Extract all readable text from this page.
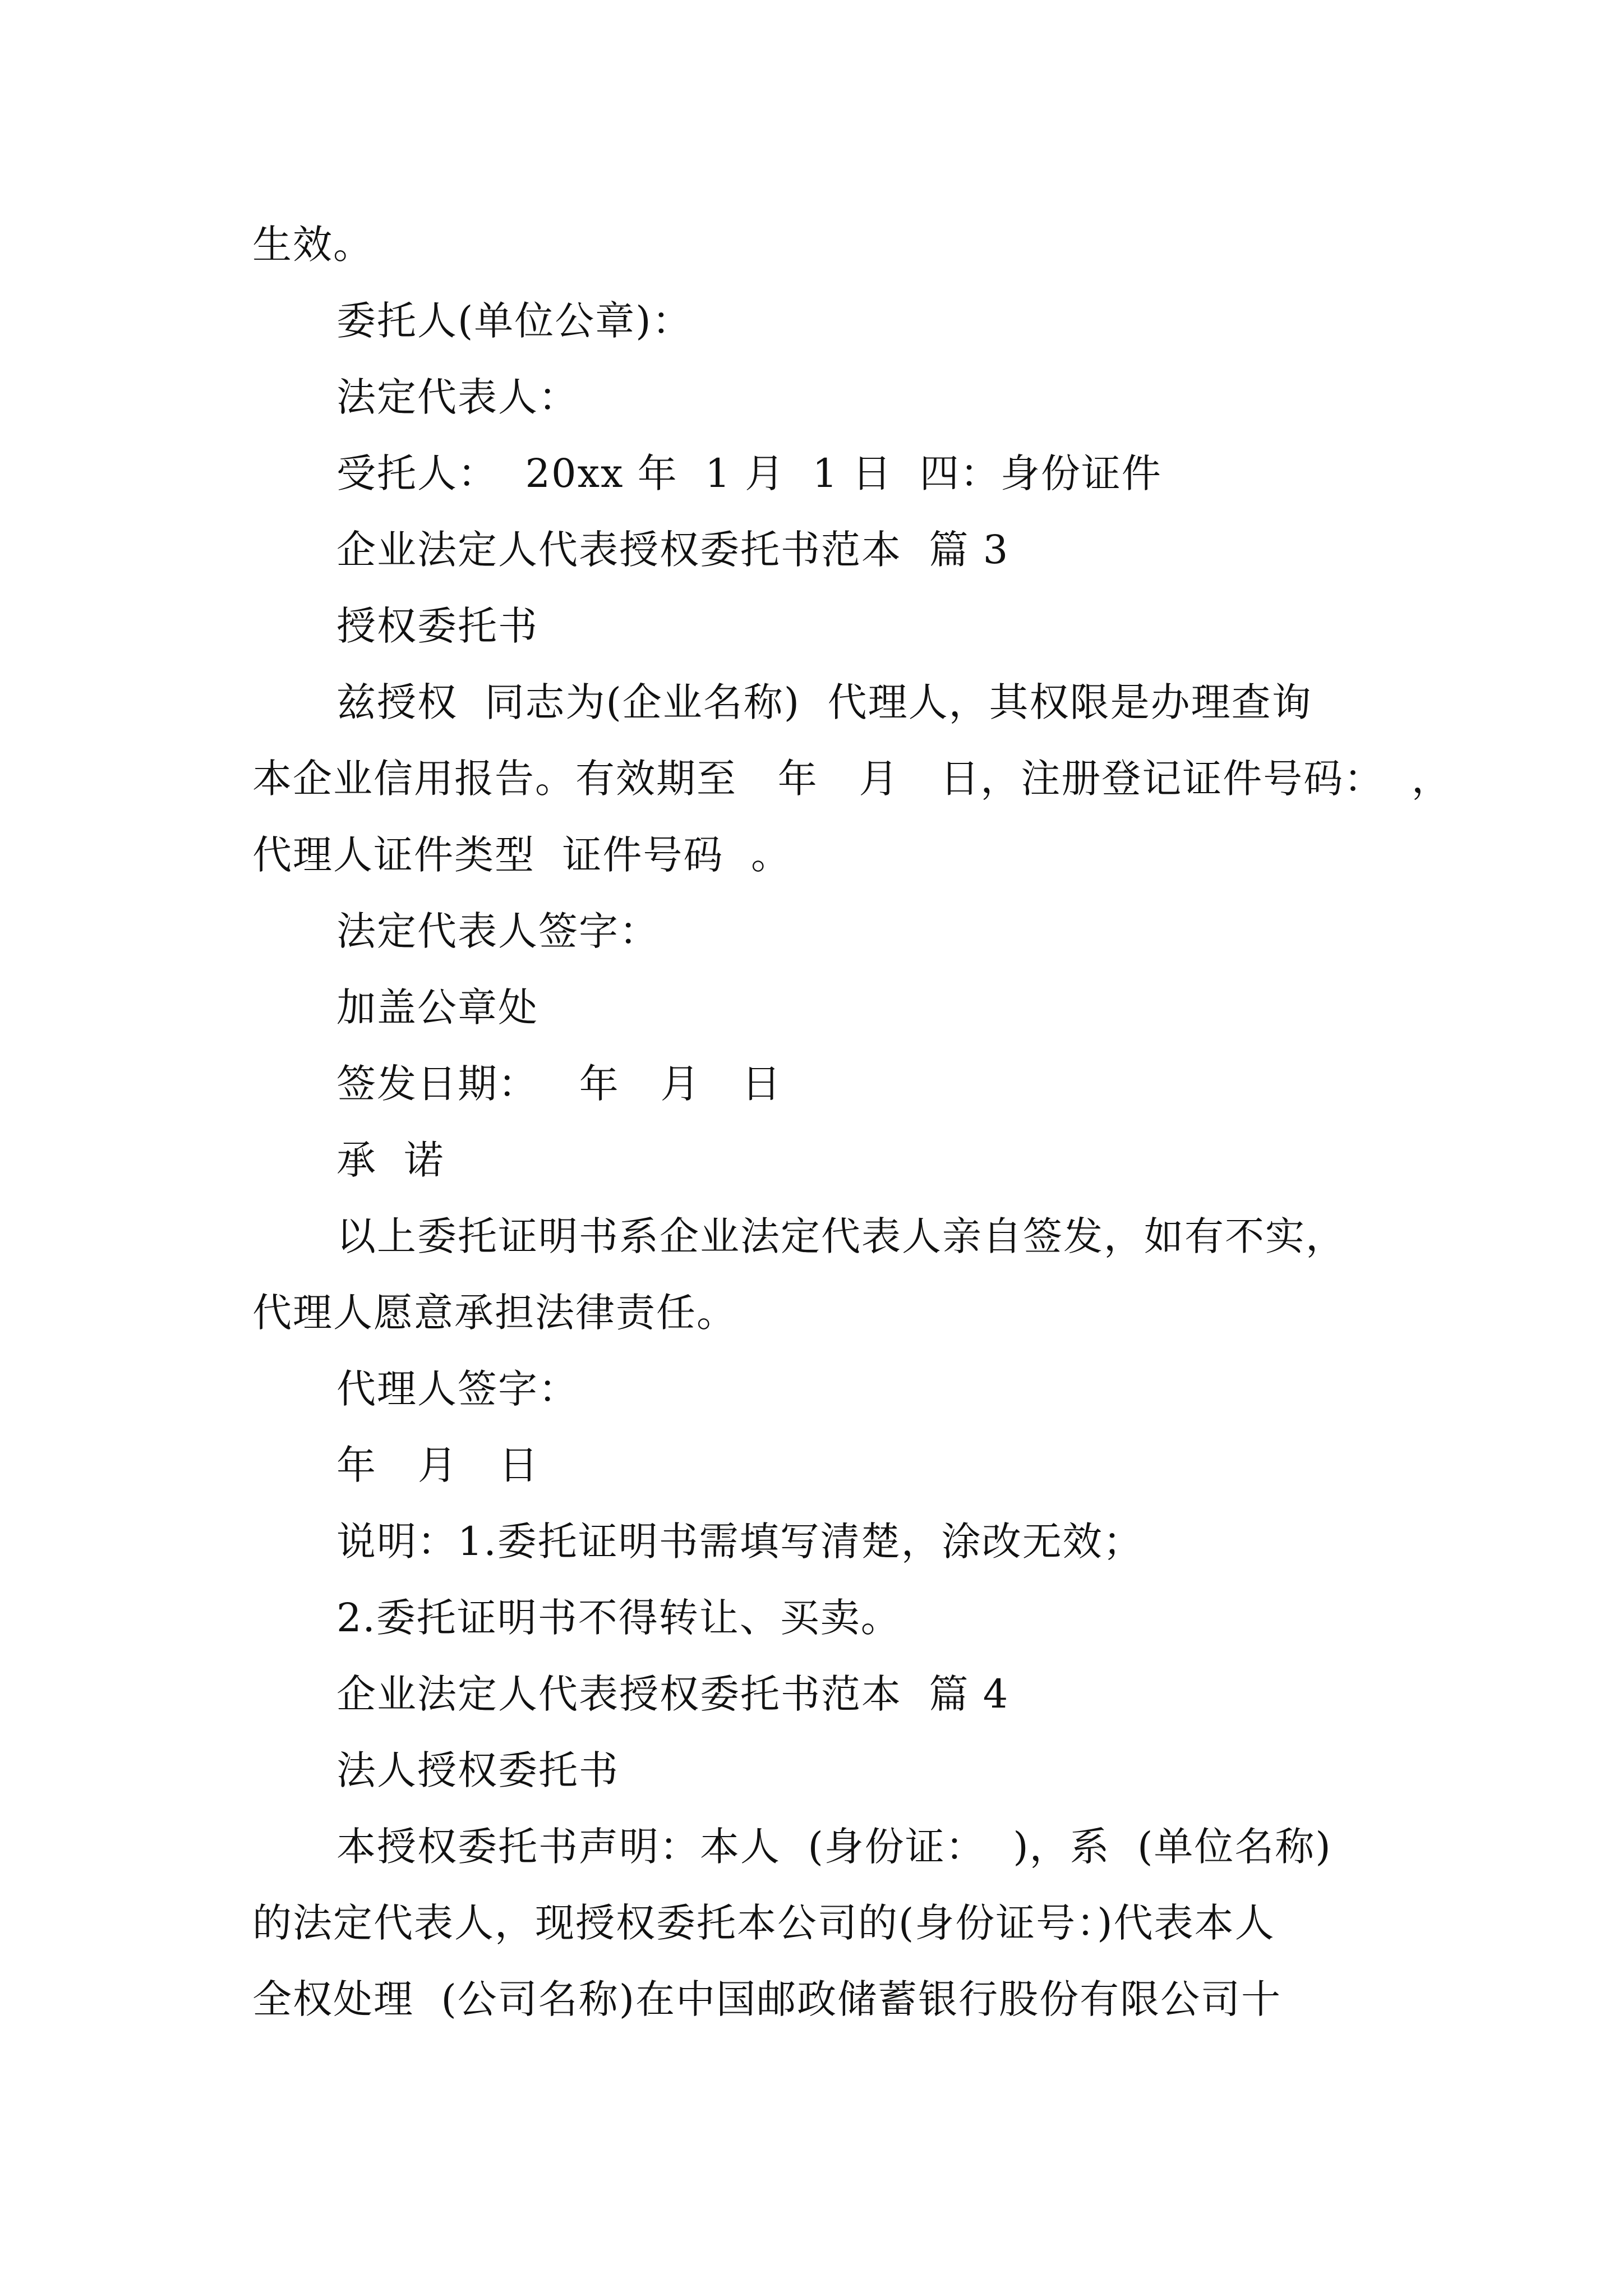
生效。

委托人(单位公章)：

法定代表人：

受托人：  20xx 年  1 月  1 日  四：身份证件

企业法定人代表授权委托书范本  篇 3

授权委托书

兹授权  同志为(企业名称)  代理人，其权限是办理查询

本企业信用报告。有效期至   年   月   日，注册登记证件号码：  ，

代理人证件类型  证件号码  。

法定代表人签字：

加盖公章处

签发日期：   年   月   日

承  诺

以上委托证明书系企业法定代表人亲自签发，如有不实，

代理人愿意承担法律责任。

代理人签字：

年   月   日

说明：1.委托证明书需填写清楚，涂改无效；

2.委托证明书不得转让、买卖。

企业法定人代表授权委托书范本  篇 4

法人授权委托书

本授权委托书声明：本人  (身份证：  )，系  (单位名称)

的法定代表人，现授权委托本公司的(身份证号：)代表本人

全权处理  (公司名称)在中国邮政储蓄银行股份有限公司十
